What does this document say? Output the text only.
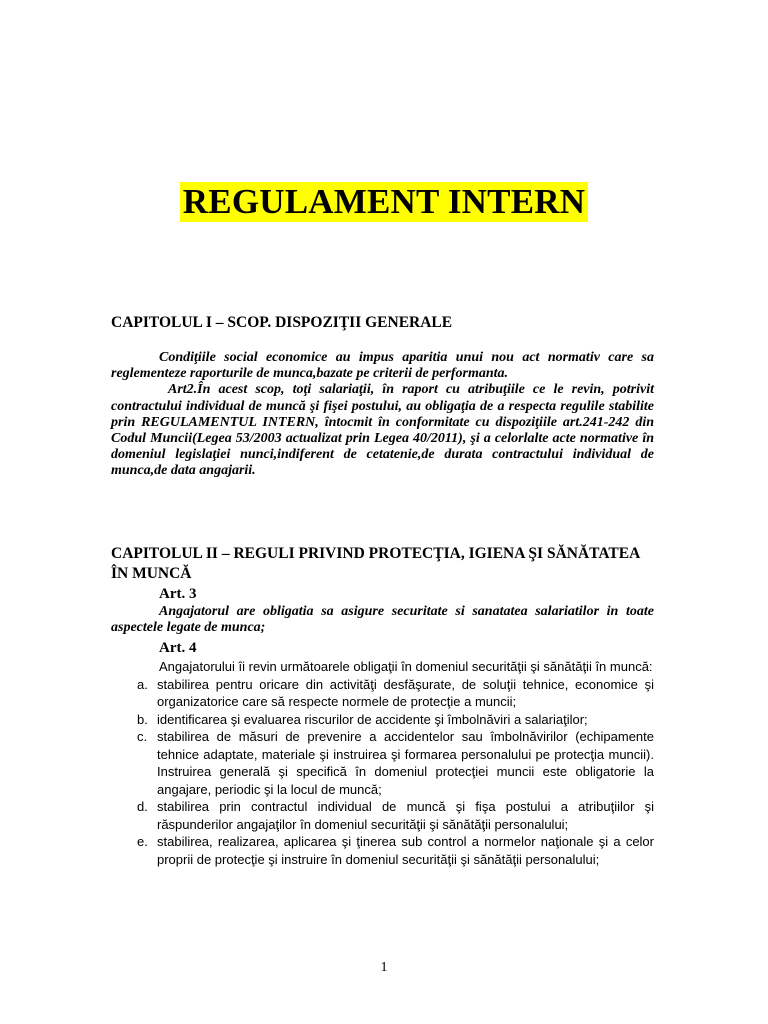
REGULAMENT INTERN

CAPITOLUL I – SCOP. DISPOZIŢII GENERALE

Condiţiile social economice au impus aparitia unui nou act normativ care sa reglementeze raporturile de munca,bazate pe criterii de performanta.

Art2.În acest scop, toţi salariaţii, în raport cu atribuţiile ce le revin, potrivit contractului individual de muncă şi fişei postului, au obligaţia de a respecta regulile stabilite prin REGULAMENTUL INTERN, întocmit în conformitate cu dispoziţiile art.241-242 din Codul Muncii(Legea 53/2003 actualizat prin Legea 40/2011), şi a celorlalte acte normative în domeniul legislaţiei nunci,indiferent de cetatenie,de durata contractului individual de munca,de data angajarii.

CAPITOLUL II – REGULI PRIVIND PROTECŢIA, IGIENA ŞI SĂNĂTATEA ÎN MUNCĂ

Art. 3

Angajatorul are obligatia sa asigure securitate si sanatatea salariatilor in toate aspectele legate de munca;

Art. 4

Angajatorului îi revin următoarele obligaţii în domeniul securităţii şi sănătăţii în muncă:

a. stabilirea pentru oricare din activităţi desfăşurate, de soluţii tehnice, economice şi organizatorice care să respecte normele de protecţie a muncii;
b. identificarea şi evaluarea riscurilor de accidente şi îmbolnăviri a salariaţilor;
c. stabilirea de măsuri de prevenire a accidentelor sau îmbolnăvirilor (echipamente tehnice adaptate, materiale şi instruirea şi formarea personalului pe protecţia muncii). Instruirea generală şi specifică în domeniul protecţiei muncii este obligatorie la angajare, periodic şi la locul de muncă;
d. stabilirea prin contractul individual de muncă şi fişa postului a atribuţiilor şi răspunderilor angajaţilor în domeniul securităţii şi sănătăţii personalului;
e. stabilirea, realizarea, aplicarea şi ţinerea sub control a normelor naţionale şi a celor proprii de protecţie şi instruire în domeniul securităţii şi sănătăţii personalului;
1
